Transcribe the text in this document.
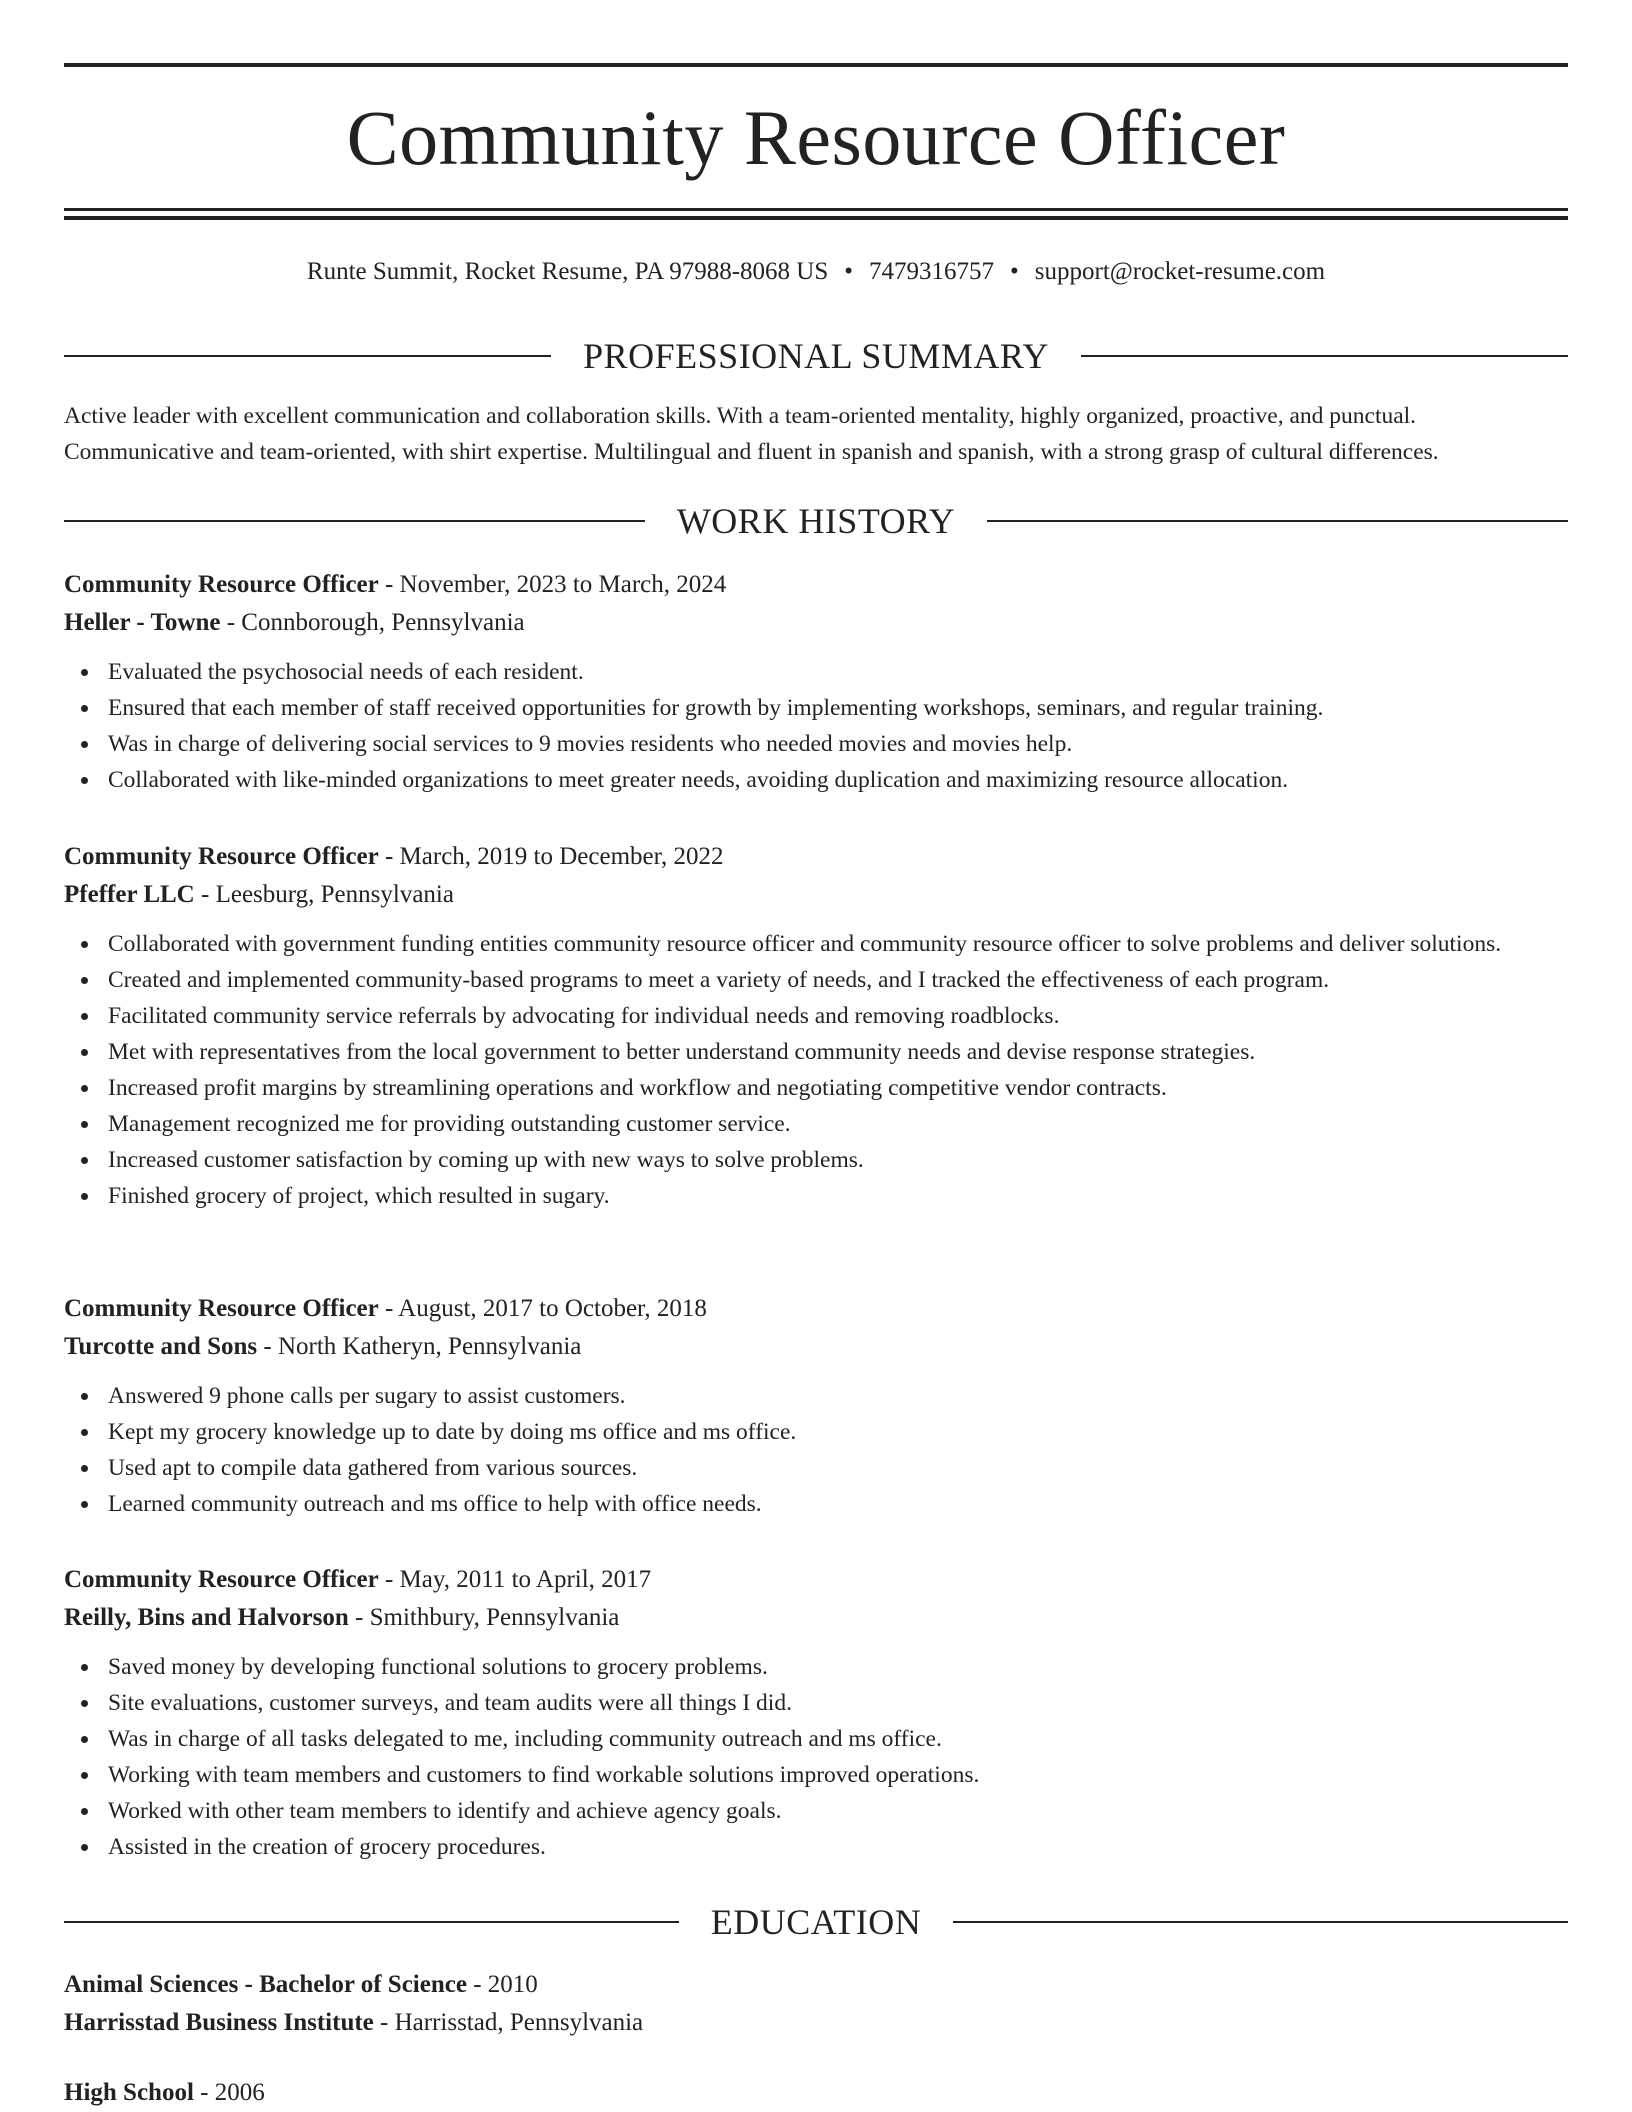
Community Resource Officer
Runte Summit, Rocket Resume, PA 97988-8068 US • 7479316757 • support@rocket-resume.com
PROFESSIONAL SUMMARY
Active leader with excellent communication and collaboration skills. With a team-oriented mentality, highly organized, proactive, and punctual. Communicative and team-oriented, with shirt expertise. Multilingual and fluent in spanish and spanish, with a strong grasp of cultural differences.
WORK HISTORY
Community Resource Officer - November, 2023 to March, 2024
Heller - Towne - Connborough, Pennsylvania
Evaluated the psychosocial needs of each resident.
Ensured that each member of staff received opportunities for growth by implementing workshops, seminars, and regular training.
Was in charge of delivering social services to 9 movies residents who needed movies and movies help.
Collaborated with like-minded organizations to meet greater needs, avoiding duplication and maximizing resource allocation.
Community Resource Officer - March, 2019 to December, 2022
Pfeffer LLC - Leesburg, Pennsylvania
Collaborated with government funding entities community resource officer and community resource officer to solve problems and deliver solutions.
Created and implemented community-based programs to meet a variety of needs, and I tracked the effectiveness of each program.
Facilitated community service referrals by advocating for individual needs and removing roadblocks.
Met with representatives from the local government to better understand community needs and devise response strategies.
Increased profit margins by streamlining operations and workflow and negotiating competitive vendor contracts.
Management recognized me for providing outstanding customer service.
Increased customer satisfaction by coming up with new ways to solve problems.
Finished grocery of project, which resulted in sugary.
Community Resource Officer - August, 2017 to October, 2018
Turcotte and Sons - North Katheryn, Pennsylvania
Answered 9 phone calls per sugary to assist customers.
Kept my grocery knowledge up to date by doing ms office and ms office.
Used apt to compile data gathered from various sources.
Learned community outreach and ms office to help with office needs.
Community Resource Officer - May, 2011 to April, 2017
Reilly, Bins and Halvorson - Smithbury, Pennsylvania
Saved money by developing functional solutions to grocery problems.
Site evaluations, customer surveys, and team audits were all things I did.
Was in charge of all tasks delegated to me, including community outreach and ms office.
Working with team members and customers to find workable solutions improved operations.
Worked with other team members to identify and achieve agency goals.
Assisted in the creation of grocery procedures.
EDUCATION
Animal Sciences - Bachelor of Science - 2010
Harrisstad Business Institute - Harrisstad, Pennsylvania
High School - 2006
